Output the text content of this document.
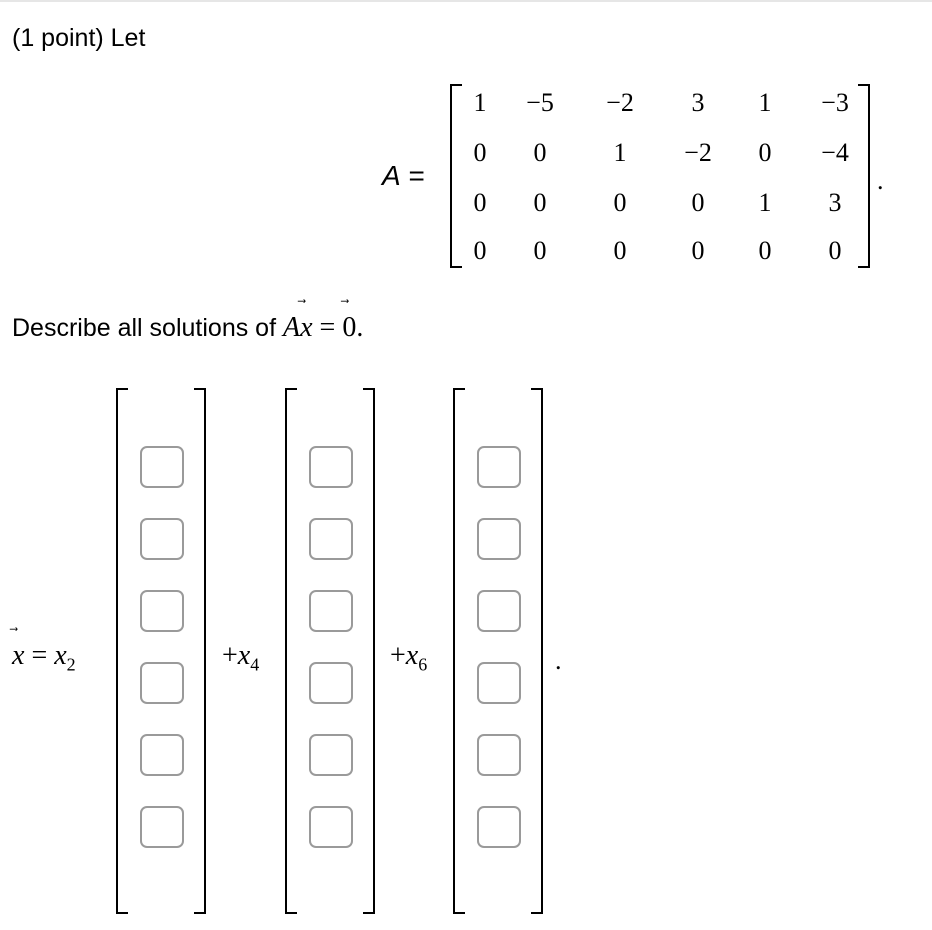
(1 point) Let
A =
1	−5	−2	3	1	−3
0	0	1	−2	0	−4
0	0	0	0	1	3
0	0	0	0	0	0
.
Describe all solutions of A
x = 0.
$x = x_2$	$+x_4$	$+x_6$	.
